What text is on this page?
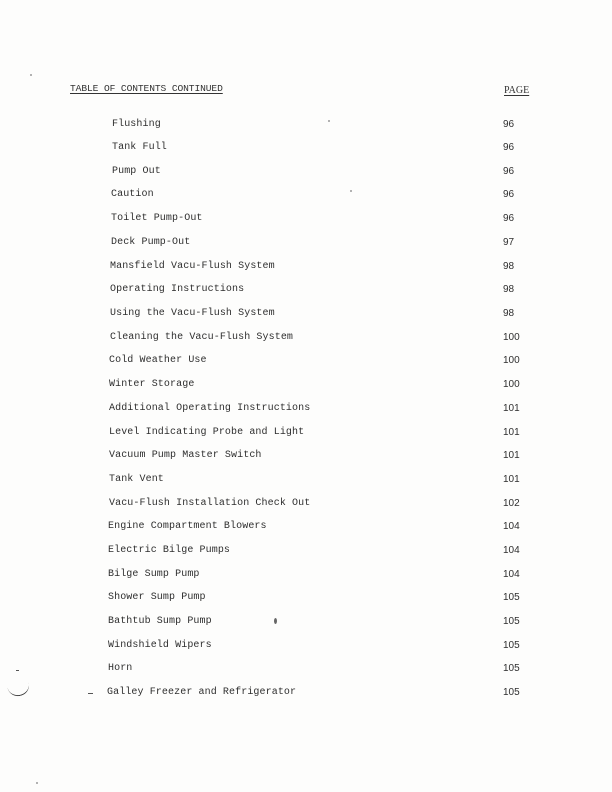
TABLE OF CONTENTS CONTINUED	PAGE
Flushing	96
Tank Full	96
Pump Out	96
Caution	96
Toilet Pump-Out	96
Deck Pump-Out	97
Mansfield Vacu-Flush System	98
Operating Instructions	98
Using the Vacu-Flush System	98
Cleaning the Vacu-Flush System	100
Cold Weather Use	100
Winter Storage	100
Additional Operating Instructions	101
Level Indicating Probe and Light	101
Vacuum Pump Master Switch	101
Tank Vent	101
Vacu-Flush Installation Check Out	102
Engine Compartment Blowers	104
Electric Bilge Pumps	104
Bilge Sump Pump	104
Shower Sump Pump	105
Bathtub Sump Pump	105
Windshield Wipers	105
Horn	105
Galley Freezer and Refrigerator	105
